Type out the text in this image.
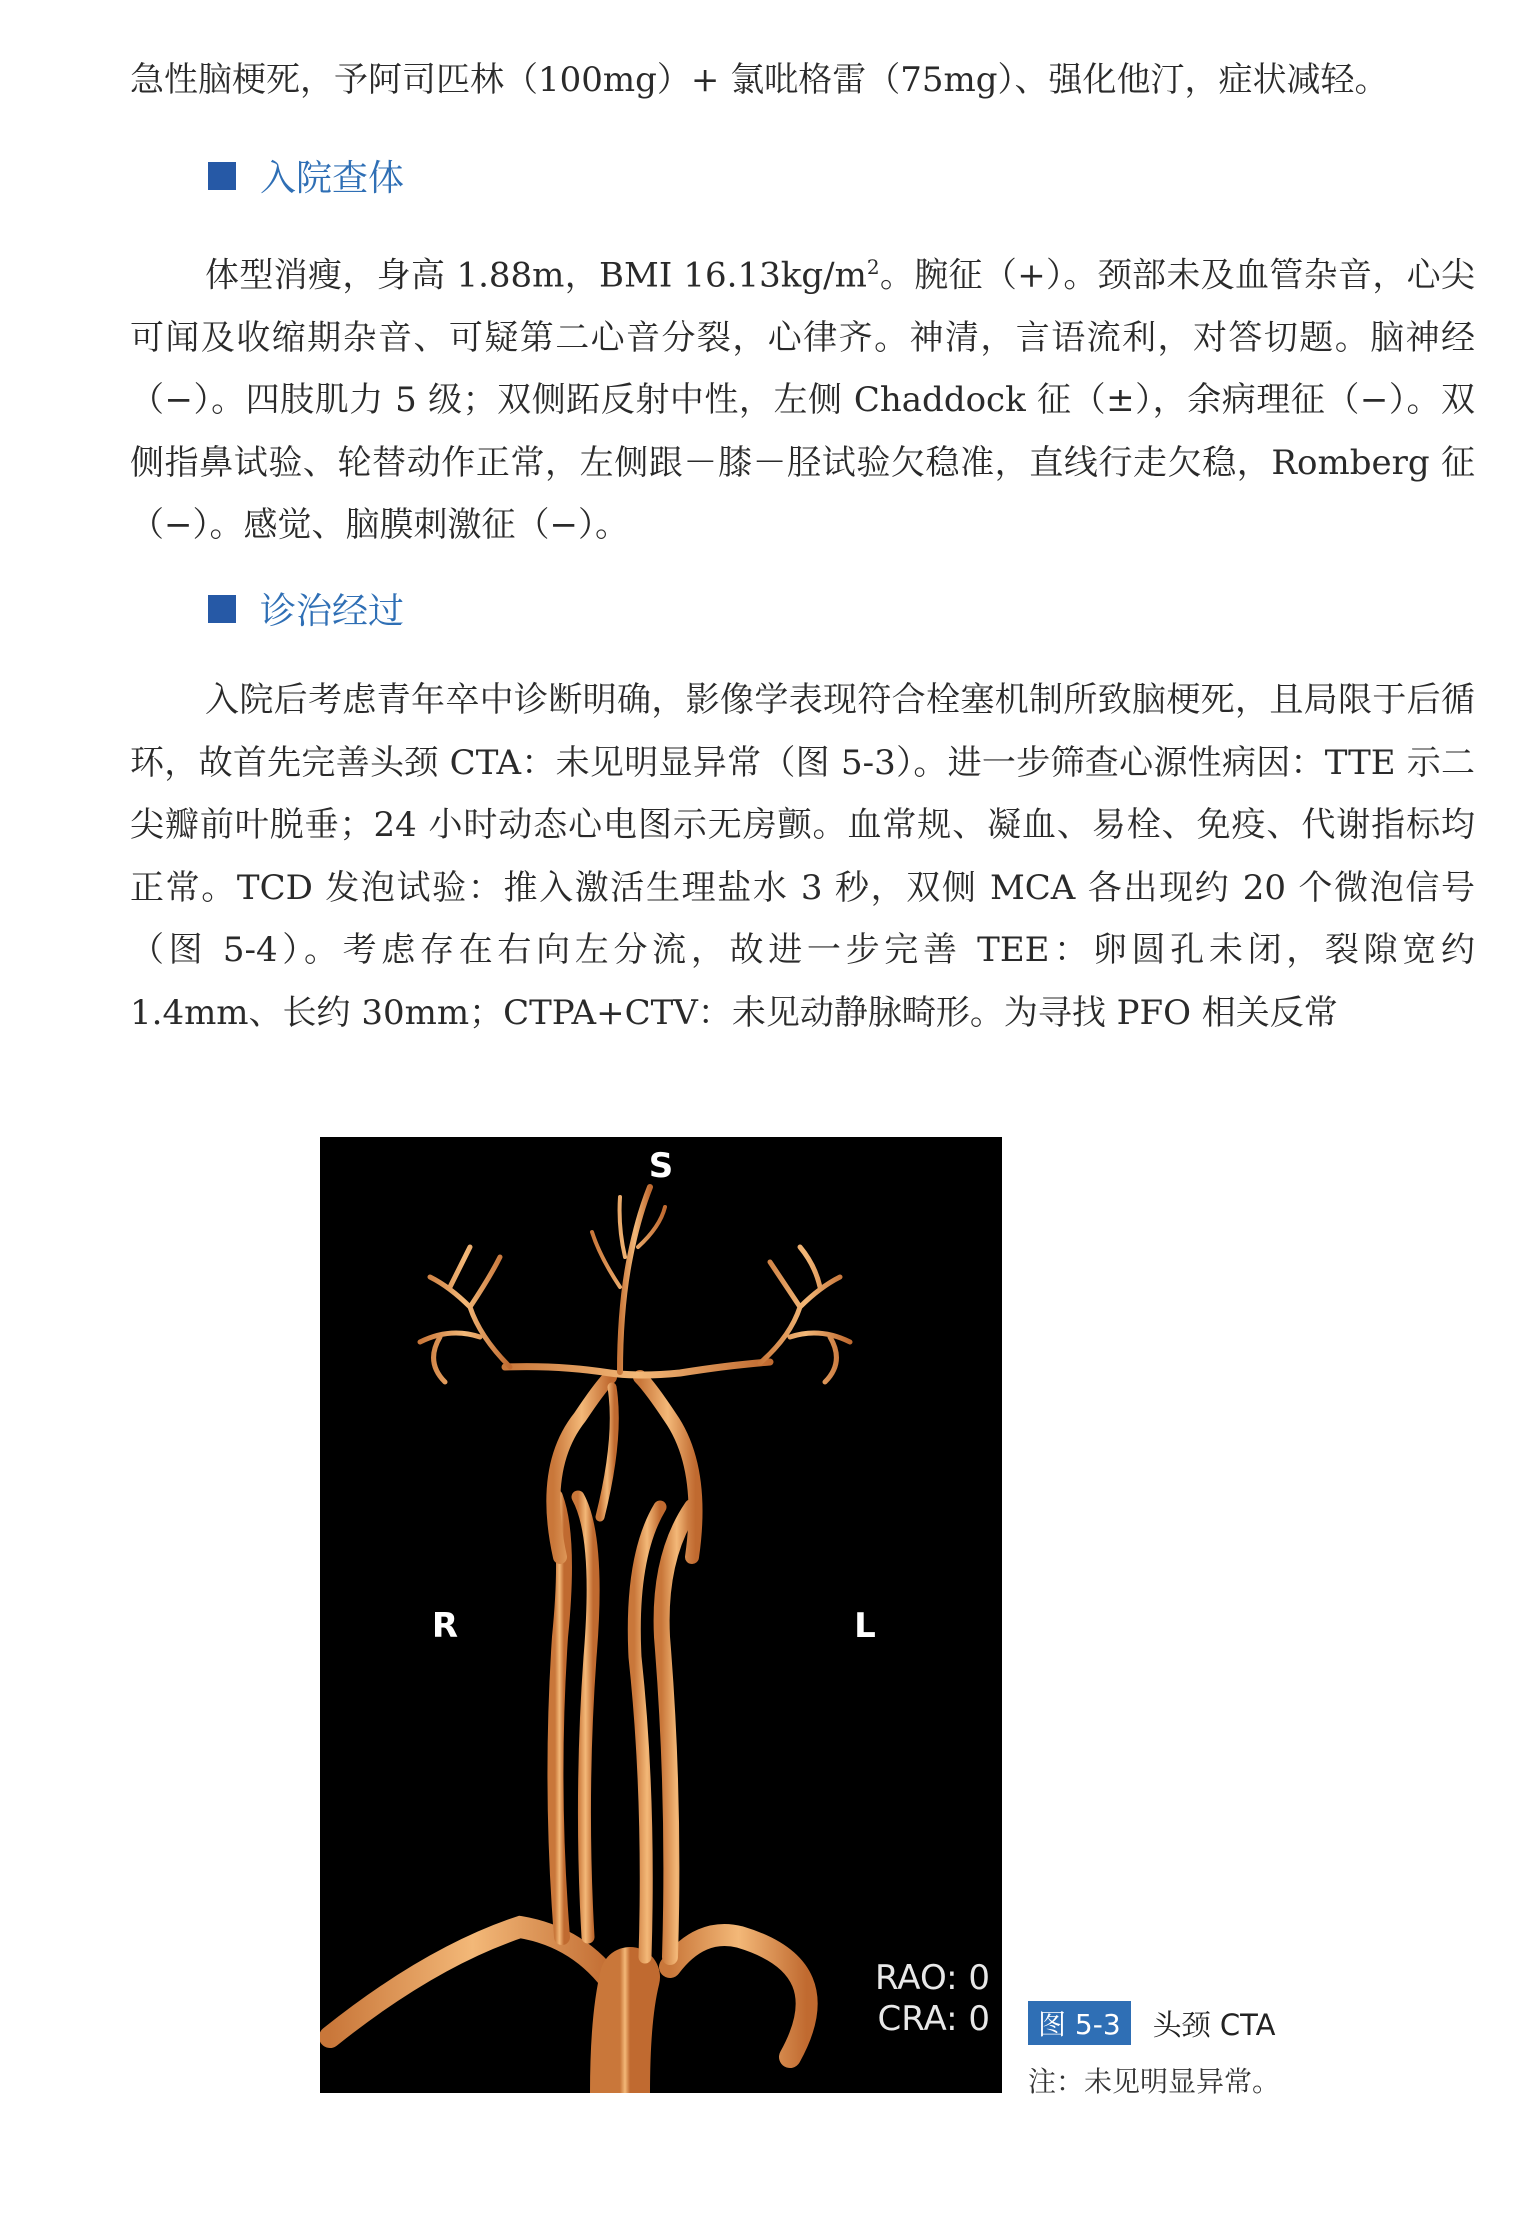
急性脑梗死，予阿司匹林（100mg）+ 氯吡格雷（75mg）、强化他汀，症状减轻。

入院查体

体型消瘦，身高 1.88m，BMI $16.13kg/m^2$。腕征（+）。颈部未及血管杂音，心尖可闻及收缩期杂音、可疑第二心音分裂，心律齐。神清，言语流利，对答切题。脑神经（−）。四肢肌力 5 级；双侧跖反射中性，左侧 Chaddock 征（±），余病理征（−）。双侧指鼻试验、轮替动作正常，左侧跟－膝－胫试验欠稳准，直线行走欠稳，Romberg 征（−）。感觉、脑膜刺激征（−）。

诊治经过

入院后考虑青年卒中诊断明确，影像学表现符合栓塞机制所致脑梗死，且局限于后循环，故首先完善头颈 CTA：未见明显异常（图 5-3）。进一步筛查心源性病因：TTE 示二尖瓣前叶脱垂；24 小时动态心电图示无房颤。血常规、凝血、易栓、免疫、代谢指标均正常。TCD 发泡试验：推入激活生理盐水 3 秒，双侧 MCA 各出现约 20 个微泡信号（图 5-4）。考虑存在右向左分流，故进一步完善 TEE：卵圆孔未闭，裂隙宽约 1.4mm、长约 30mm；CTPA+CTV：未见动静脉畸形。为寻找 PFO 相关反常

S
R	L
RAO: 0
CRA: 0	图 5-3	头颈 CTA
注：未见明显异常。
